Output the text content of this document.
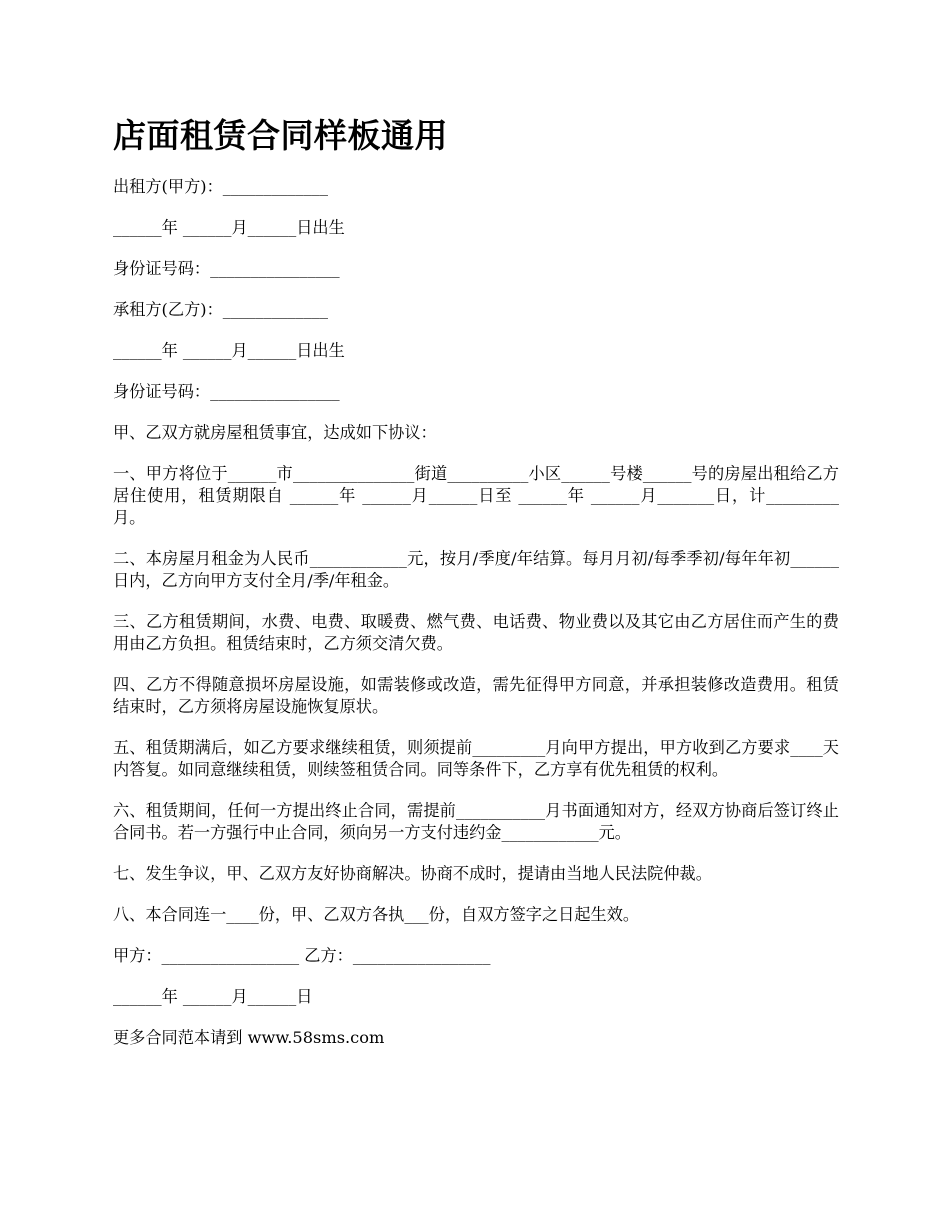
店面租赁合同样板通用

出租方(甲方)：_____________

______年 ______月______日出生

身份证号码：________________

承租方(乙方)：_____________

______年 ______月______日出生

身份证号码：________________

甲、乙双方就房屋租赁事宜，达成如下协议：

一、甲方将位于______市_______________街道__________小区______号楼______号的房屋出租给乙方居住使用，租赁期限自 ______年 ______月______日至 ______年 ______月_______日，计_________月。

二、本房屋月租金为人民币____________元，按月/季度/年结算。每月月初/每季季初/每年年初______日内，乙方向甲方支付全月/季/年租金。

三、乙方租赁期间，水费、电费、取暖费、燃气费、电话费、物业费以及其它由乙方居住而产生的费用由乙方负担。租赁结束时，乙方须交清欠费。

四、乙方不得随意损坏房屋设施，如需装修或改造，需先征得甲方同意，并承担装修改造费用。租赁结束时，乙方须将房屋设施恢复原状。

五、租赁期满后，如乙方要求继续租赁，则须提前_________月向甲方提出，甲方收到乙方要求____天内答复。如同意继续租赁，则续签租赁合同。同等条件下，乙方享有优先租赁的权利。

六、租赁期间，任何一方提出终止合同，需提前___________月书面通知对方，经双方协商后签订终止合同书。若一方强行中止合同，须向另一方支付违约金____________元。

七、发生争议，甲、乙双方友好协商解决。协商不成时，提请由当地人民法院仲裁。

八、本合同连一____份，甲、乙双方各执___份，自双方签字之日起生效。

甲方：_________________ 乙方：_________________

______年 ______月______日

更多合同范本请到 www.58sms.com
